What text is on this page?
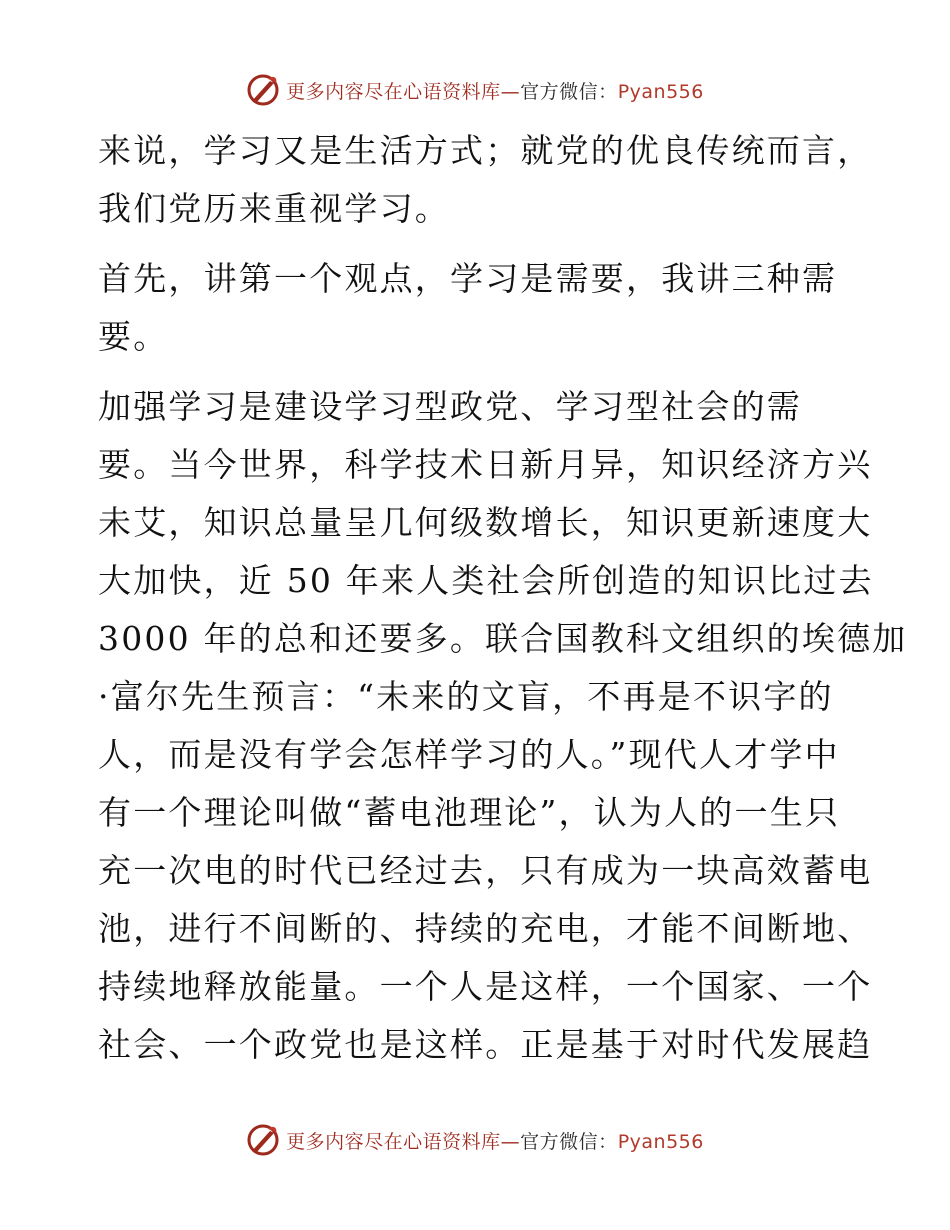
更多内容尽在心语资料库—官方微信：Pyan556
来说，学习又是生活方式；就党的优良传统而言，
我们党历来重视学习。
首先，讲第一个观点，学习是需要，我讲三种需
要。
加强学习是建设学习型政党、学习型社会的需
要。当今世界，科学技术日新月异，知识经济方兴
未艾，知识总量呈几何级数增长，知识更新速度大
大加快，近 50 年来人类社会所创造的知识比过去
3000 年的总和还要多。联合国教科文组织的埃德加
·富尔先生预言：“未来的文盲，不再是不识字的
人，而是没有学会怎样学习的人。”现代人才学中
有一个理论叫做“蓄电池理论”，认为人的一生只
充一次电的时代已经过去，只有成为一块高效蓄电
池，进行不间断的、持续的充电，才能不间断地、
持续地释放能量。一个人是这样，一个国家、一个
社会、一个政党也是这样。正是基于对时代发展趋
更多内容尽在心语资料库—官方微信：Pyan556
